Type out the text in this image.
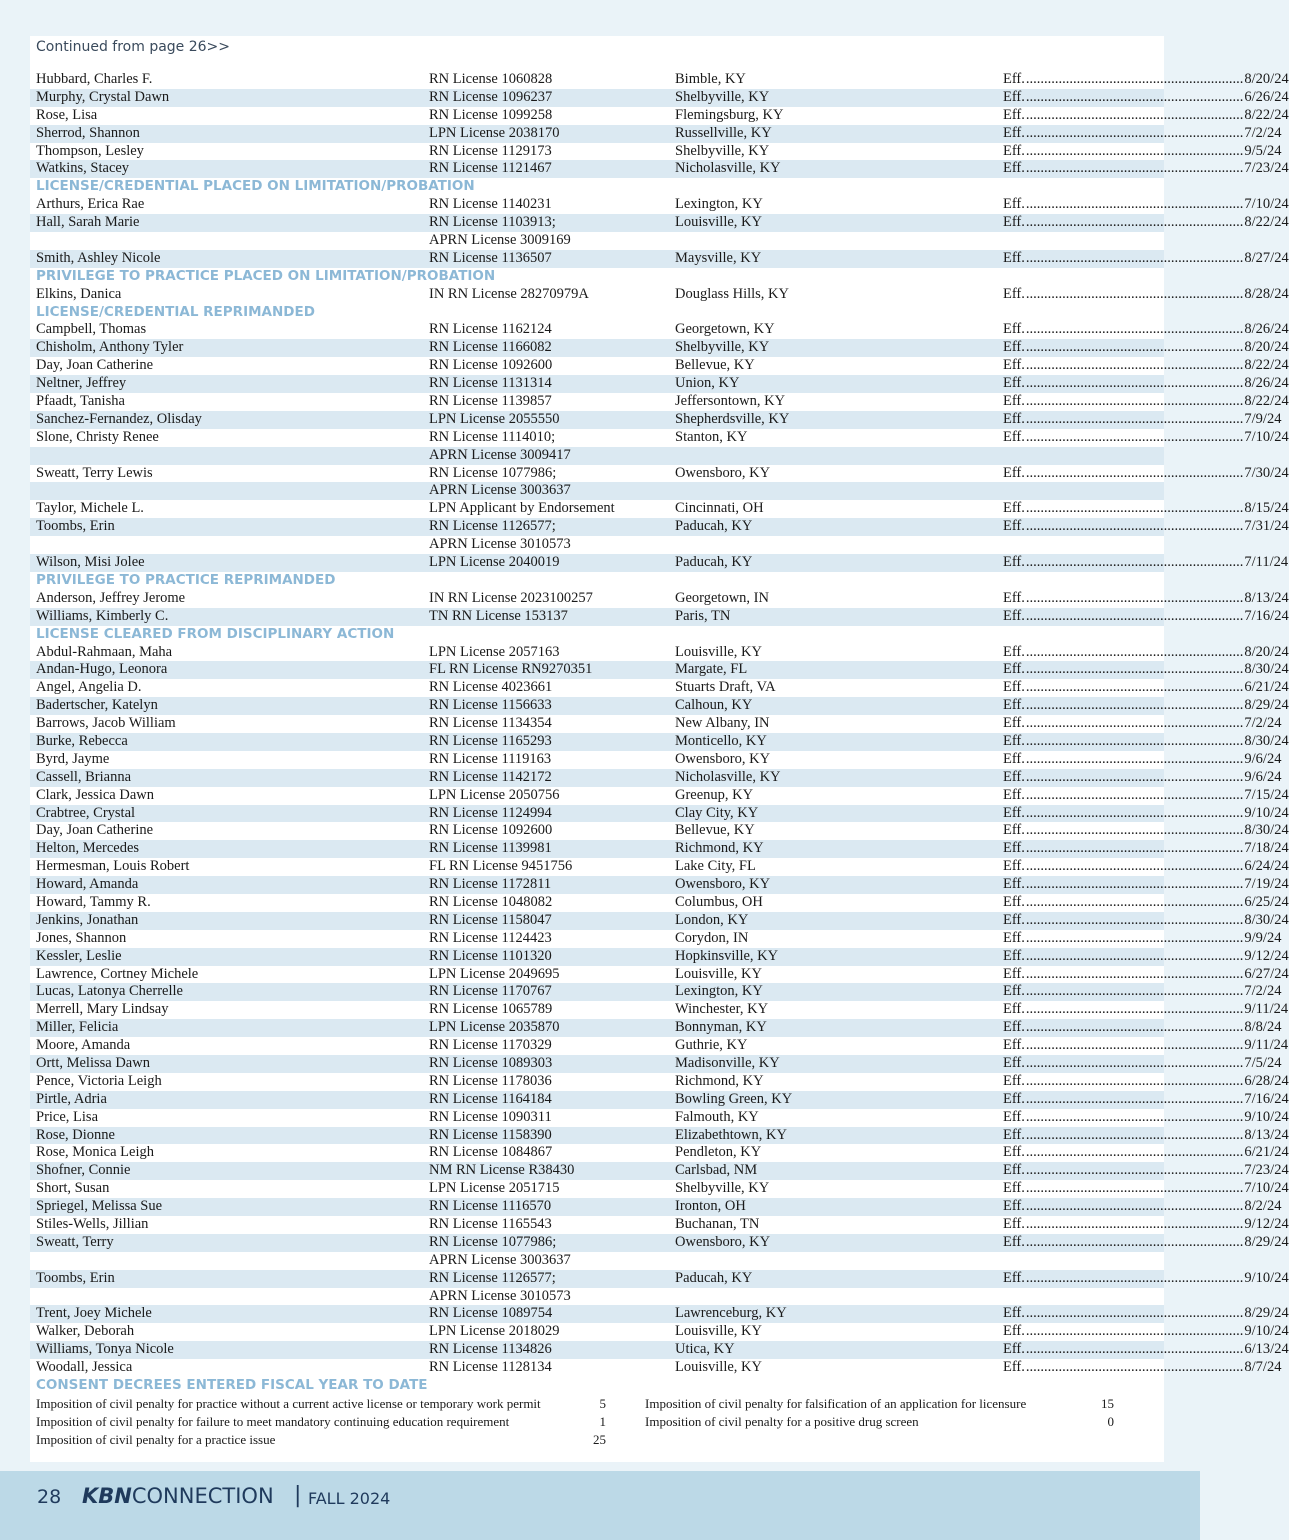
Continued from page 26>>
Hubbard, Charles F.	RN License 1060828	Bimble, KY	Eff. ............................................................ 8/20/24
Murphy, Crystal Dawn	RN License 1096237	Shelbyville, KY	Eff. ............................................................ 6/26/24
Rose, Lisa	RN License 1099258	Flemingsburg, KY	Eff. ............................................................ 8/22/24
Sherrod, Shannon	LPN License 2038170	Russellville, KY	Eff. ............................................................ 7/2/24
Thompson, Lesley	RN License 1129173	Shelbyville, KY	Eff. ............................................................ 9/5/24
Watkins, Stacey	RN License 1121467	Nicholasville, KY	Eff. ............................................................ 7/23/24
LICENSE/CREDENTIAL PLACED ON LIMITATION/PROBATION
Arthurs, Erica Rae	RN License 1140231	Lexington, KY	Eff. ............................................................ 7/10/24
Hall, Sarah Marie	RN License 1103913;	Louisville, KY	Eff. ............................................................ 8/22/24
APRN License 3009169
Smith, Ashley Nicole	RN License 1136507	Maysville, KY	Eff. ............................................................ 8/27/24
PRIVILEGE TO PRACTICE PLACED ON LIMITATION/PROBATION
Elkins, Danica	IN RN License 28270979A	Douglass Hills, KY	Eff. ............................................................ 8/28/24
LICENSE/CREDENTIAL REPRIMANDED
Campbell, Thomas	RN License 1162124	Georgetown, KY	Eff. ............................................................ 8/26/24
Chisholm, Anthony Tyler	RN License 1166082	Shelbyville, KY	Eff. ............................................................ 8/20/24
Day, Joan Catherine	RN License 1092600	Bellevue, KY	Eff. ............................................................ 8/22/24
Neltner, Jeffrey	RN License 1131314	Union, KY	Eff. ............................................................ 8/26/24
Pfaadt, Tanisha	RN License 1139857	Jeffersontown, KY	Eff. ............................................................ 8/22/24
Sanchez-Fernandez, Olisday	LPN License 2055550	Shepherdsville, KY	Eff. ............................................................ 7/9/24
Slone, Christy Renee	RN License 1114010;	Stanton, KY	Eff. ............................................................ 7/10/24
APRN License 3009417
Sweatt, Terry Lewis	RN License 1077986;	Owensboro, KY	Eff. ............................................................ 7/30/24
APRN License 3003637
Taylor, Michele L.	LPN Applicant by Endorsement	Cincinnati, OH	Eff. ............................................................ 8/15/24
Toombs, Erin	RN License 1126577;	Paducah, KY	Eff. ............................................................ 7/31/24
APRN License 3010573
Wilson, Misi Jolee	LPN License 2040019	Paducah, KY	Eff. ............................................................ 7/11/24
PRIVILEGE TO PRACTICE REPRIMANDED
Anderson, Jeffrey Jerome	IN RN License 2023100257	Georgetown, IN	Eff. ............................................................ 8/13/24
Williams, Kimberly C.	TN RN License 153137	Paris, TN	Eff. ............................................................ 7/16/24
LICENSE CLEARED FROM DISCIPLINARY ACTION
Abdul-Rahmaan, Maha	LPN License 2057163	Louisville, KY	Eff. ............................................................ 8/20/24
Andan-Hugo, Leonora	FL RN License RN9270351	Margate, FL	Eff. ............................................................ 8/30/24
Angel, Angelia D.	RN License 4023661	Stuarts Draft, VA	Eff. ............................................................ 6/21/24
Badertscher, Katelyn	RN License 1156633	Calhoun, KY	Eff. ............................................................ 8/29/24
Barrows, Jacob William	RN License 1134354	New Albany, IN	Eff. ............................................................ 7/2/24
Burke, Rebecca	RN License 1165293	Monticello, KY	Eff. ............................................................ 8/30/24
Byrd, Jayme	RN License 1119163	Owensboro, KY	Eff. ............................................................ 9/6/24
Cassell, Brianna	RN License 1142172	Nicholasville, KY	Eff. ............................................................ 9/6/24
Clark, Jessica Dawn	LPN License 2050756	Greenup, KY	Eff. ............................................................ 7/15/24
Crabtree, Crystal	RN License 1124994	Clay City, KY	Eff. ............................................................ 9/10/24
Day, Joan Catherine	RN License 1092600	Bellevue, KY	Eff. ............................................................ 8/30/24
Helton, Mercedes	RN License 1139981	Richmond, KY	Eff. ............................................................ 7/18/24
Hermesman, Louis Robert	FL RN License 9451756	Lake City, FL	Eff. ............................................................ 6/24/24
Howard, Amanda	RN License 1172811	Owensboro, KY	Eff. ............................................................ 7/19/24
Howard, Tammy R.	RN License 1048082	Columbus, OH	Eff. ............................................................ 6/25/24
Jenkins, Jonathan	RN License 1158047	London, KY	Eff. ............................................................ 8/30/24
Jones, Shannon	RN License 1124423	Corydon, IN	Eff. ............................................................ 9/9/24
Kessler, Leslie	RN License 1101320	Hopkinsville, KY	Eff. ............................................................ 9/12/24
Lawrence, Cortney Michele	LPN License 2049695	Louisville, KY	Eff. ............................................................ 6/27/24
Lucas, Latonya Cherrelle	RN License 1170767	Lexington, KY	Eff. ............................................................ 7/2/24
Merrell, Mary Lindsay	RN License 1065789	Winchester, KY	Eff. ............................................................ 9/11/24
Miller, Felicia	LPN License 2035870	Bonnyman, KY	Eff. ............................................................ 8/8/24
Moore, Amanda	RN License 1170329	Guthrie, KY	Eff. ............................................................ 9/11/24
Ortt, Melissa Dawn	RN License 1089303	Madisonville, KY	Eff. ............................................................ 7/5/24
Pence, Victoria Leigh	RN License 1178036	Richmond, KY	Eff. ............................................................ 6/28/24
Pirtle, Adria	RN License 1164184	Bowling Green, KY	Eff. ............................................................ 7/16/24
Price, Lisa	RN License 1090311	Falmouth, KY	Eff. ............................................................ 9/10/24
Rose, Dionne	RN License 1158390	Elizabethtown, KY	Eff. ............................................................ 8/13/24
Rose, Monica Leigh	RN License 1084867	Pendleton, KY	Eff. ............................................................ 6/21/24
Shofner, Connie	NM RN License R38430	Carlsbad, NM	Eff. ............................................................ 7/23/24
Short, Susan	LPN License 2051715	Shelbyville, KY	Eff. ............................................................ 7/10/24
Spriegel, Melissa Sue	RN License 1116570	Ironton, OH	Eff. ............................................................ 8/2/24
Stiles-Wells, Jillian	RN License 1165543	Buchanan, TN	Eff. ............................................................ 9/12/24
Sweatt, Terry	RN License 1077986;	Owensboro, KY	Eff. ............................................................ 8/29/24
APRN License 3003637
Toombs, Erin	RN License 1126577;	Paducah, KY	Eff. ............................................................ 9/10/24
APRN License 3010573
Trent, Joey Michele	RN License 1089754	Lawrenceburg, KY	Eff. ............................................................ 8/29/24
Walker, Deborah	LPN License 2018029	Louisville, KY	Eff. ............................................................ 9/10/24
Williams, Tonya Nicole	RN License 1134826	Utica, KY	Eff. ............................................................ 6/13/24
Woodall, Jessica	RN License 1128134	Louisville, KY	Eff. ............................................................ 8/7/24
CONSENT DECREES ENTERED FISCAL YEAR TO DATE
Imposition of civil penalty for practice without a current active license or temporary work permit	5	Imposition of civil penalty for falsification of an application for licensure	15
Imposition of civil penalty for failure to meet mandatory continuing education requirement	1	Imposition of civil penalty for a positive drug screen	0
Imposition of civil penalty for a practice issue	25
28 KBNCONNECTION | FALL 2024
